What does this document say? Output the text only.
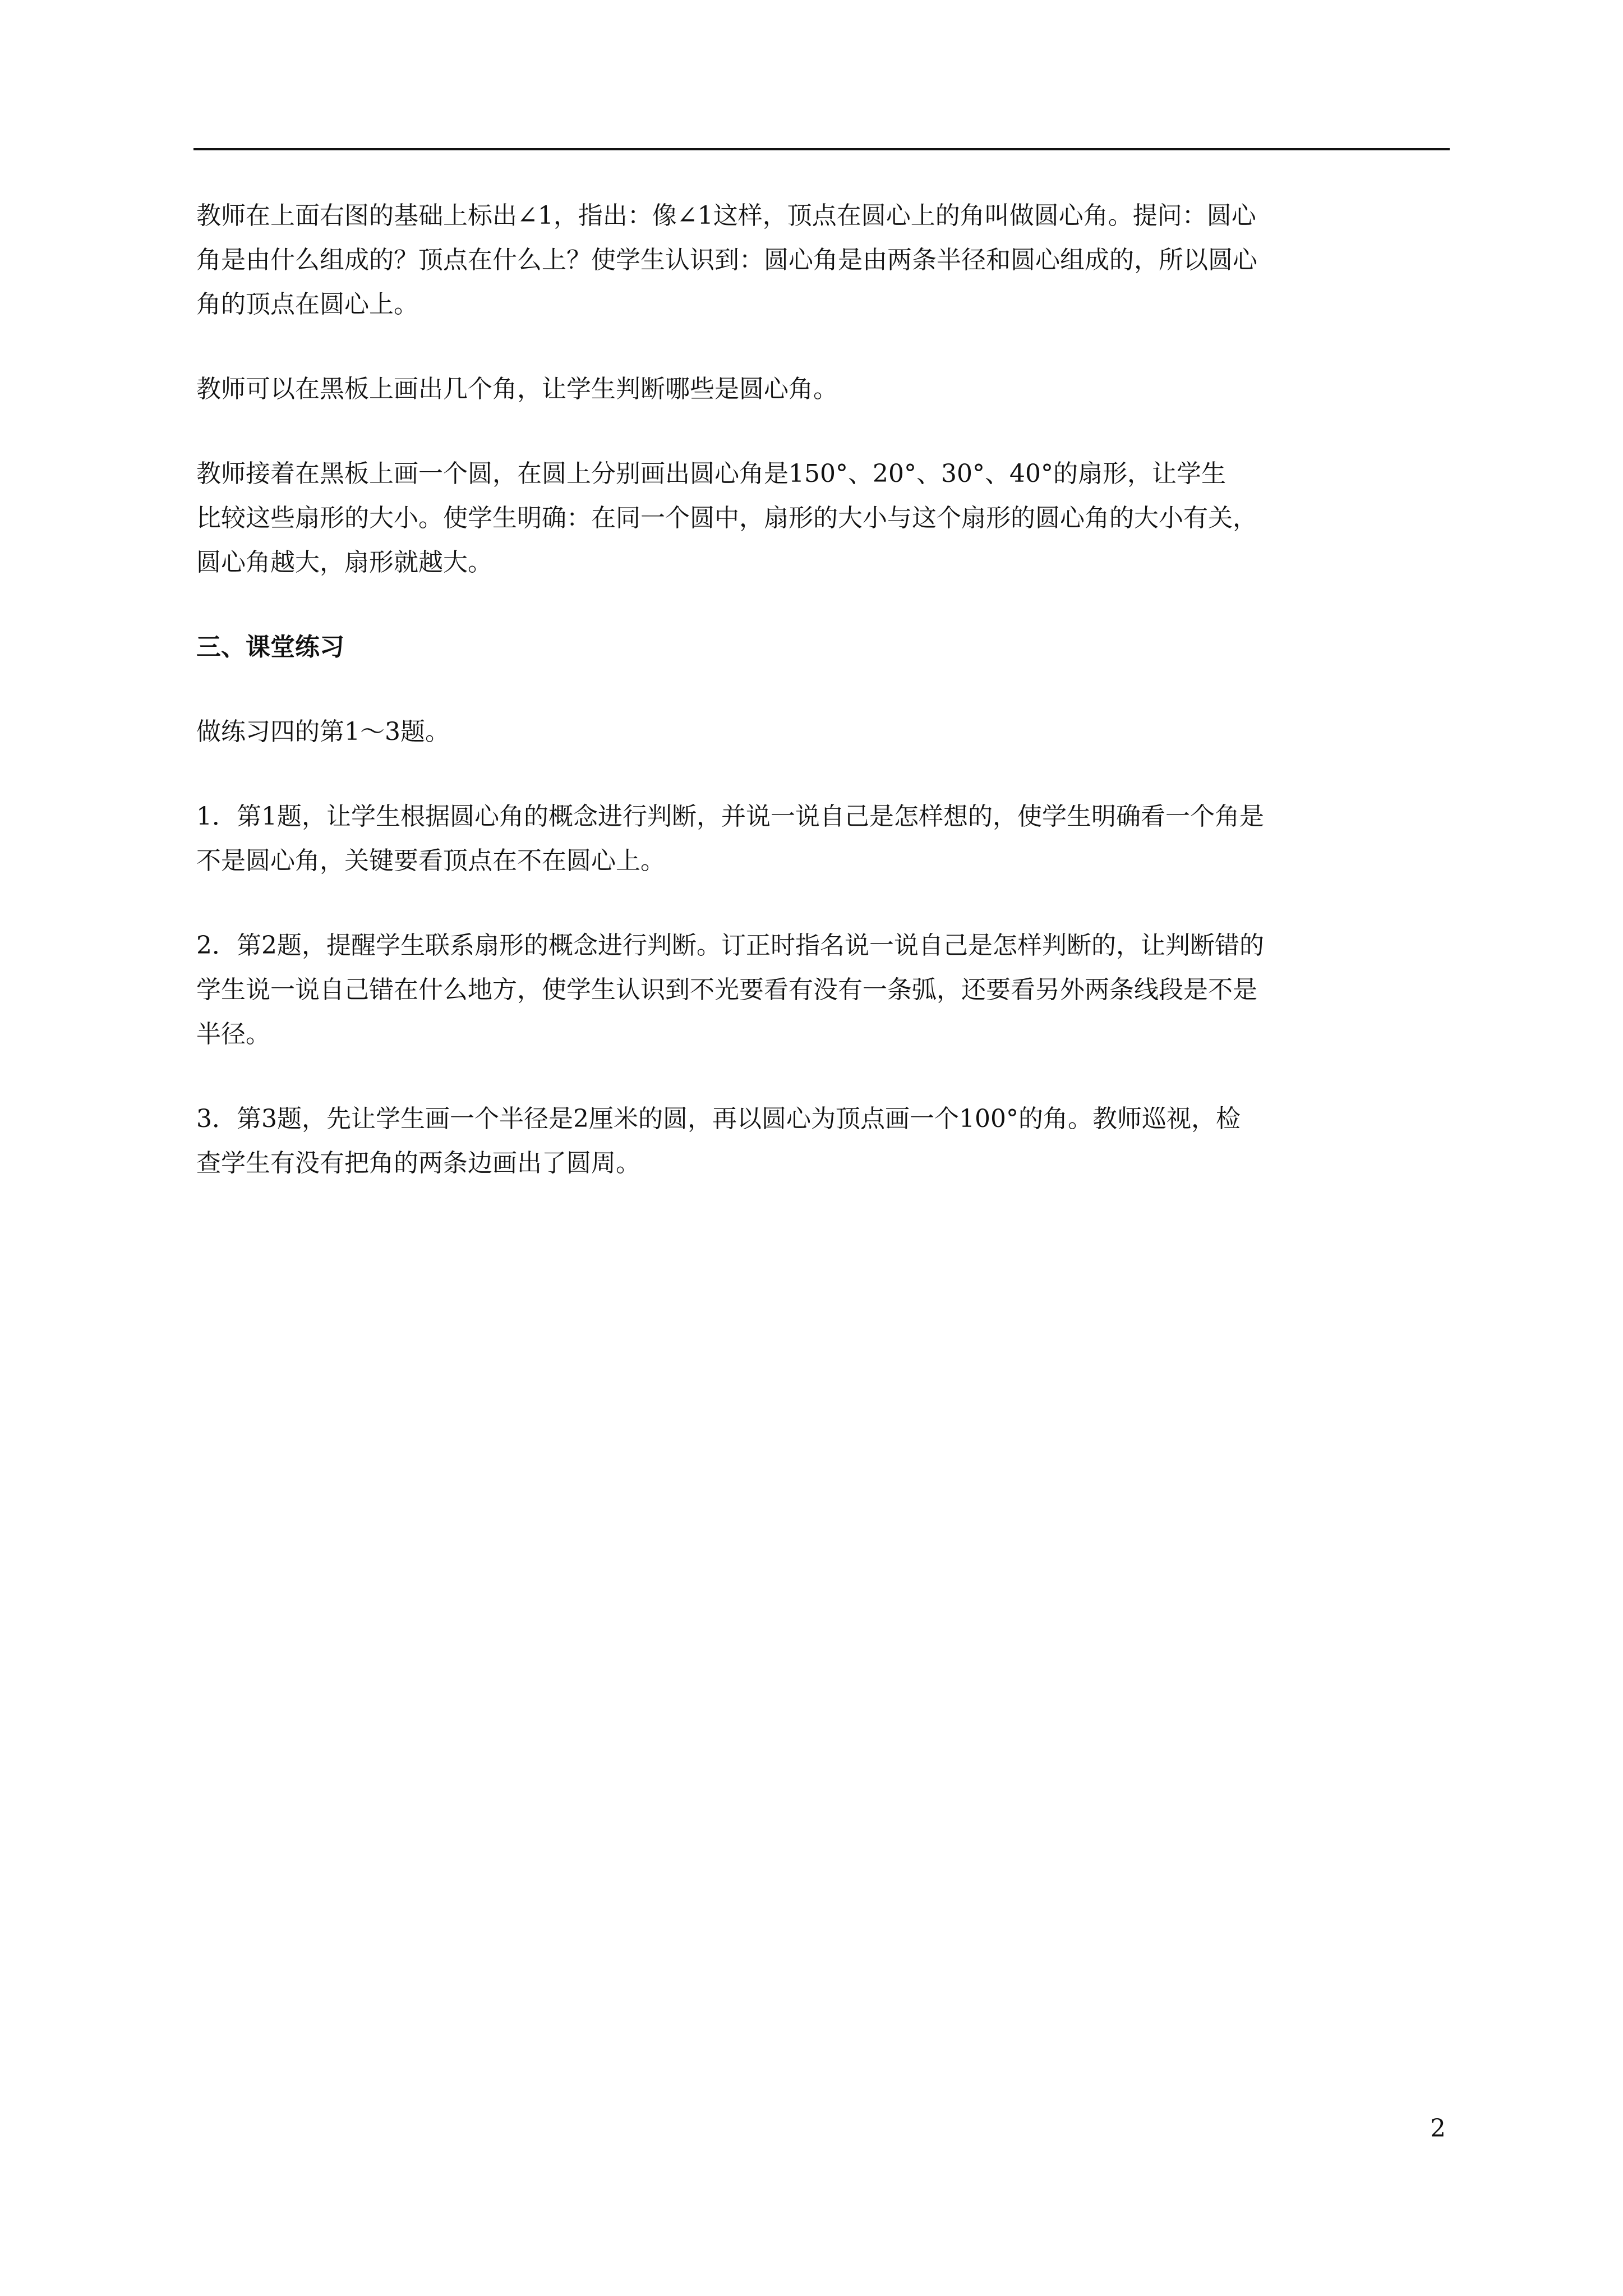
教师在上面右图的基础上标出∠1，指出：像∠1这样，顶点在圆心上的角叫做圆心角。提问：圆心
角是由什么组成的？顶点在什么上？使学生认识到：圆心角是由两条半径和圆心组成的，所以圆心
角的顶点在圆心上。

教师可以在黑板上画出几个角，让学生判断哪些是圆心角。

教师接着在黑板上画一个圆，在圆上分别画出圆心角是150°、20°、30°、40°的扇形，让学生
比较这些扇形的大小。使学生明确：在同一个圆中，扇形的大小与这个扇形的圆心角的大小有关，
圆心角越大，扇形就越大。

三、课堂练习

做练习四的第1～3题。

1．第1题，让学生根据圆心角的概念进行判断，并说一说自己是怎样想的，使学生明确看一个角是
不是圆心角，关键要看顶点在不在圆心上。

2．第2题，提醒学生联系扇形的概念进行判断。订正时指名说一说自己是怎样判断的，让判断错的
学生说一说自己错在什么地方，使学生认识到不光要看有没有一条弧，还要看另外两条线段是不是
半径。

3．第3题，先让学生画一个半径是2厘米的圆，再以圆心为顶点画一个100°的角。教师巡视，检
查学生有没有把角的两条边画出了圆周。

2
